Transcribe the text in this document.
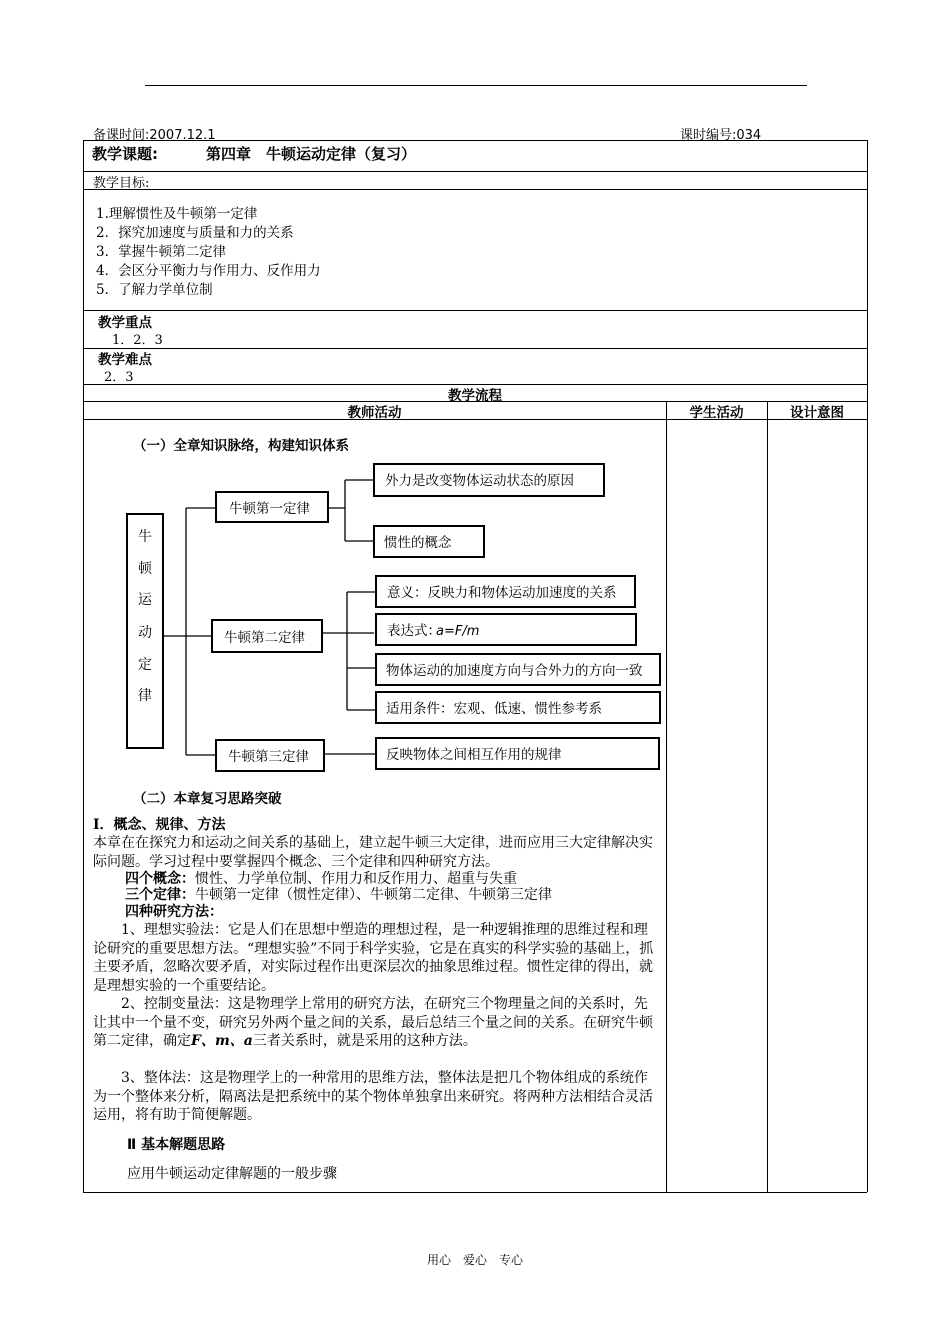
备课时间:2007.12.1	课时编号:034
教学课题:	第四章　牛顿运动定律（复习）
教学目标:
1.理解惯性及牛顿第一定律
2．探究加速度与质量和力的关系
3．掌握牛顿第二定律
4．会区分平衡力与作用力、反作用力
5．了解力学单位制
教学重点
1．2．3
教学难点
2．3
教学流程
教师活动	学生活动	设计意图
（一）全章知识脉络，构建知识体系
牛
顿
运
动
定
律
牛顿第一定律
牛顿第二定律
牛顿第三定律
外力是改变物体运动状态的原因
惯性的概念
意义：反映力和物体运动加速度的关系
表达式：
a=F/m
物体运动的加速度方向与合外力的方向一致
适用条件：宏观、低速、惯性参考系
反映物体之间相互作用的规律
（二）本章复习思路突破
I．概念、规律、方法
本章在在探究力和运动之间关系的基础上，建立起牛顿三大定律，进而应用三大定律解决实际问题。学习过程中要掌握四个概念、三个定律和四种研究方法。
四个概念：惯性、力学单位制、作用力和反作用力、超重与失重
三个定律：牛顿第一定律（惯性定律）、牛顿第二定律、牛顿第三定律
四种研究方法：
1、理想实验法：它是人们在思想中塑造的理想过程，是一种逻辑推理的思维过程和理论研究的重要思想方法。“理想实验”不同于科学实验，它是在真实的科学实验的基础上，抓主要矛盾，忽略次要矛盾，对实际过程作出更深层次的抽象思维过程。惯性定律的得出，就是理想实验的一个重要结论。
2、控制变量法：这是物理学上常用的研究方法，在研究三个物理量之间的关系时，先让其中一个量不变，研究另外两个量之间的关系，最后总结三个量之间的关系。在研究牛顿第二定律，确定F、m、a三者关系时，就是采用的这种方法。
3、整体法：这是物理学上的一种常用的思维方法，整体法是把几个物体组成的系统作为一个整体来分析，隔离法是把系统中的某个物体单独拿出来研究。将两种方法相结合灵活运用，将有助于简便解题。
Ⅱ 基本解题思路
应用牛顿运动定律解题的一般步骤
用心　爱心　专心
